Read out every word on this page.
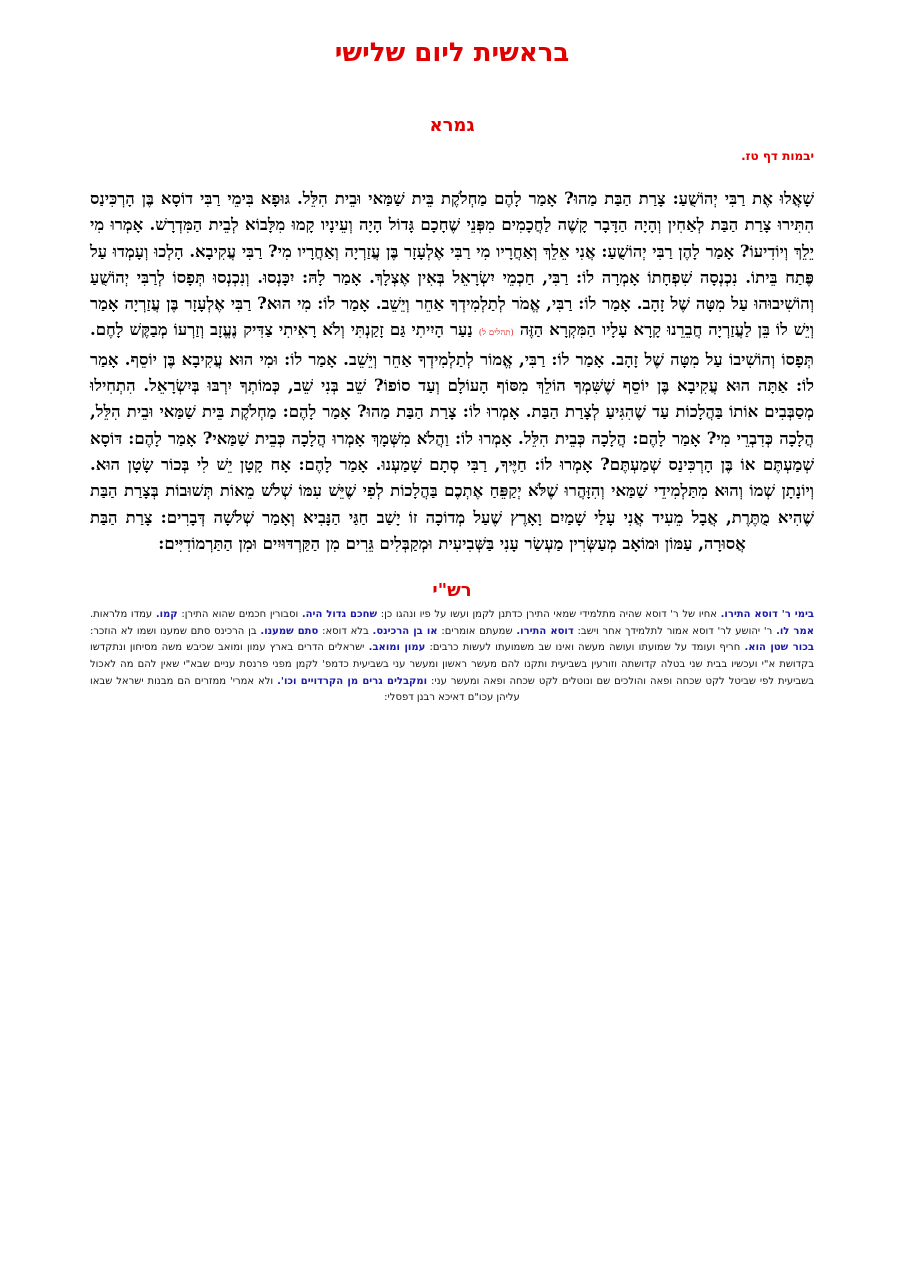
בראשית ליום שלישי
גמרא
יבמות דף טז.
שָׁאֲלוּ אֶת רַבִּי יְהוֹשֻׁעַ: צָרַת הַבַּת מַהוּ? אָמַר לָהֶם מַחְלֹקֶת בֵּית שַׁמַּאי וּבֵית הִלֵּל. גּוּפָא בִּימֵי רַבִּי דוֹסָא בֶּן הָרְכִּינַס הִתִּירוּ צָרַת הַבַּת לְאַחִין וְהָיָה הַדָּבָר קָשֶׁה לַחֲכָמִים מִפְּנֵי שֶׁחָכָם גָּדוֹל הָיָה וְעֵינָיו קָמוּ מִלָּבוֹא לְבֵית הַמִּדְרָשׁ. אָמְרוּ מִי יֵלֵךְ וְיוֹדִיעוֹ? אָמַר לָהֶן רַבִּי יְהוֹשֻׁעַ: אֲנִי אֵלֵךְ וְאַחֲרָיו מִי רַבִּי אֶלְעָזָר בֶּן עֲזַרְיָה וְאַחֲרָיו מִי? רַבִּי עֲקִיבָא. הָלְכוּ וְעָמְדוּ עַל פֶּתַח בֵּיתוֹ. נִכְנְסָה שִׁפְחָתוֹ אָמְרָה לוֹ: רַבִּי, חַכְמֵי יִשְׂרָאֵל בְּאִין אֶצְלָךְ. אָמַר לָהּ: יִכָּנְסוּ. וְנִכְנְסוּ תְּפָסוֹ לְרַבִּי יְהוֹשֻׁעַ וְהוֹשִׁיבוּהוּ עַל מִטָּה שֶׁל זָהָב. אָמַר לוֹ: רַבִּי, אֱמֹר לְתַלְמִידְךָ אַחֵר וְיֵשֵׁב. אָמַר לוֹ: מִי הוּא? רַבִּי אֶלְעָזָר בֶּן עֲזַרְיָה אָמַר וְיֵשׁ לוֹ בֵּן לַעֲזַרְיָה חֲבֵרֵנוּ קָרָא עָלָיו הַמִּקְרָא הַזֶּה (תהלים ל) נַעַר הָיִיתִי גַּם זָקַנְתִּי וְלֹא רָאִיתִי צַדִּיק נֶעֱזָב וְזַרְעוֹ מְבַקֶּשׁ לָחֶם. תְּפָסוֹ וְהוֹשִׁיבוֹ עַל מִטָּה שֶׁל זָהָב. אָמַר לוֹ: רַבִּי, אֱמוֹר לְתַלְמִידְךָ אַחֵר וְיֵשֵׁב. אָמַר לוֹ: וּמִי הוּא עֲקִיבָא בֶּן יוֹסֵף. אָמַר לוֹ: אַתָּה הוּא עֲקִיבָא בֶּן יוֹסֵף שֶׁשִּׁמְךָ הוֹלֵךְ מִסּוֹף הָעוֹלָם וְעַד סוֹפוֹ? שֵׁב בְּנִי שֵׁב, כְּמוֹתְךָ יִרְבּוּ בְּיִשְׂרָאֵל. הִתְחִילוּ מְסַבְּבִים אוֹתוֹ בַּהֲלָכוֹת עַד שֶׁהִגִּיעַ לְצָרַת הַבַּת. אָמְרוּ לוֹ: צָרַת הַבַּת מַהוּ? אָמַר לָהֶם: מַחְלֹקֶת בֵּית שַׁמַּאי וּבֵית הִלֵּל, הֲלָכָה כְּדִבְרֵי מִי? אָמַר לָהֶם: הֲלָכָה כְּבֵית הִלֵּל. אָמְרוּ לוֹ: וַהֲלֹא מִשְּׁמָךְ אָמְרוּ הֲלָכָה כְּבֵית שַׁמַּאי? אָמַר לָהֶם: דּוֹסָא שְׁמַעְתֶּם אוֹ בֶּן הָרְכִּינַס שְׁמַעְתֶּם? אָמְרוּ לוֹ: חַיֶּיךָ, רַבִּי סְתָם שָׁמַעְנוּ. אָמַר לָהֶם: אָח קָטָן יֵשׁ לִי בְּכוֹר שָׂטָן הוּא. וְיוֹנָתָן שְׁמוֹ וְהוּא מִתַּלְמִידֵי שַׁמַּאי וְהִזָּהֲרוּ שֶׁלֹּא יְקַפֵּחַ אֶתְכֶם בַּהֲלָכוֹת לְפִי שֶׁיֵּשׁ עִמּוֹ שְׁלֹשׁ מֵאוֹת תְּשׁוּבוֹת בְּצָרַת הַבַּת שֶׁהִיא מֻתֶּרֶת, אֲבָל מֵעִיד אֲנִי עָלַי שָׁמַיִם וָאָרֶץ שֶׁעַל מְדוֹכָה זוֹ יָשַׁב חַגַּי הַנָּבִיא וְאָמַר שְׁלֹשָׁה דְּבָרִים: צָרַת הַבַּת אֲסוּרָה, עַמּוֹן וּמוֹאָב מְעַשְּׂרִין מַעְשַׂר עָנִי בַּשְּׁבִיעִית וּמְקַבְּלִים גֵּרִים מִן הַקַּרְדּוּיִים וּמִן הַתַּרְמוֹדִיִּים:
רש"י
בימי ר' דוסא התירו. אחיו של ר' דוסא שהיה מתלמידי שמאי התירן כדתנן לקמן ועשו על פיו ונהגו כן: שחכם גדול היה. וסבורין חכמים שהוא התירן: קמו. עמדו מלראות. אמר לו. ר' יהושע לר' דוסא אמור לתלמידך אחר וישב: דוסא התירו. שמעתם אומרים: או בן הרכינס. בלא דוסא: סתם שמענו. בן הרכינס סתם שמענו ושמו לא הוזכר: בכור שטן הוא. חריף ועומד על שמועתו ועושה מעשה ואינו שב משמועתו לעשות כרבים: עמון ומואב. ישראלים הדרים בארץ עמון ומואב שכיבש משה מסיחון ונתקדשו בקדושת א"י ועכשיו בבית שני בטלה קדושתה וזורעין בשביעית ותקנו להם מעשר ראשון ומעשר עני בשביעית כדמפ' לקמן מפני פרנסת עניים שבא"י שאין להם מה לאכול בשביעית לפי שביטל לקט שכחה ופאה והולכים שם ונוטלים לקט שכחה ופאה ומעשר עני: ומקבלים גרים מן הקרדויים וכו'. ולא אמרי' ממזרים הם מבנות ישראל שבאו עליהן עכו"ם דאיכא רבנן דפסלי:
